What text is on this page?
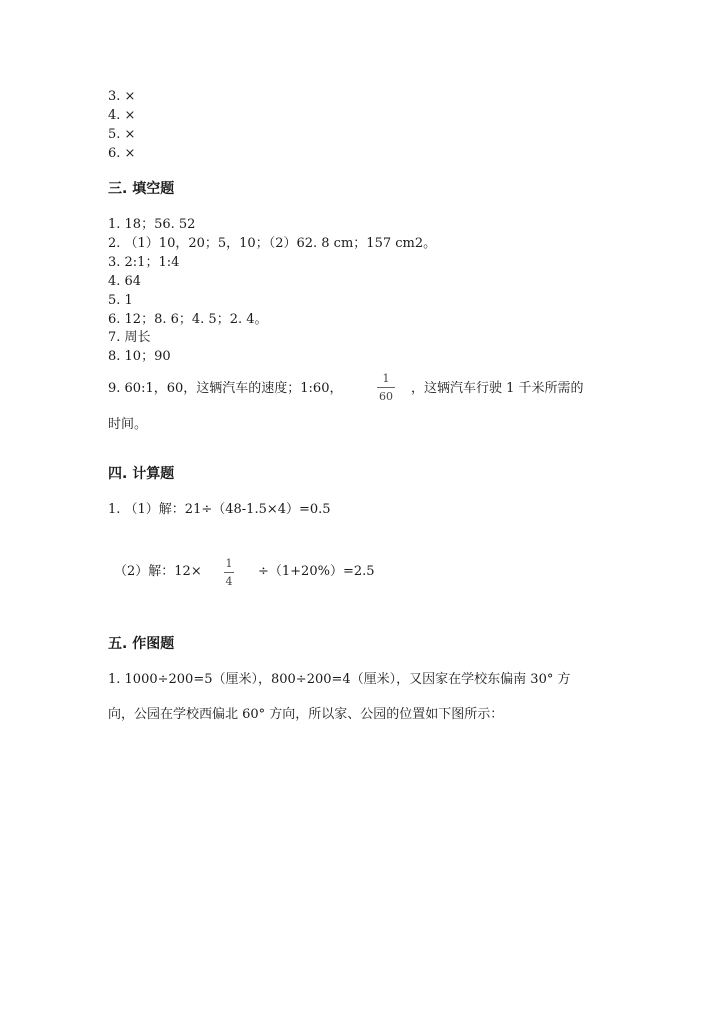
3. ×
4. ×
5. ×
6. ×
三. 填空题
1. 18；56. 52
2. （1）10，20；5，10；（2）62. 8 cm；157 cm2。
3. 2:1；1:4
4. 64
5. 1
6. 12；8. 6；4. 5；2. 4。
7. 周长
8. 10；90
9. 60:1，60，这辆汽车的速度；1:60，
1
60
，这辆汽车行驶 1 千米所需的
时间。
四. 计算题
1. （1）解：21÷（48-1.5×4）=0.5
（2）解：12×
1
4
÷（1+20%）=2.5
五. 作图题
1. 1000÷200=5（厘米），800÷200=4（厘米），又因家在学校东偏南 30° 方
向，公园在学校西偏北 60° 方向，所以家、公园的位置如下图所示：
